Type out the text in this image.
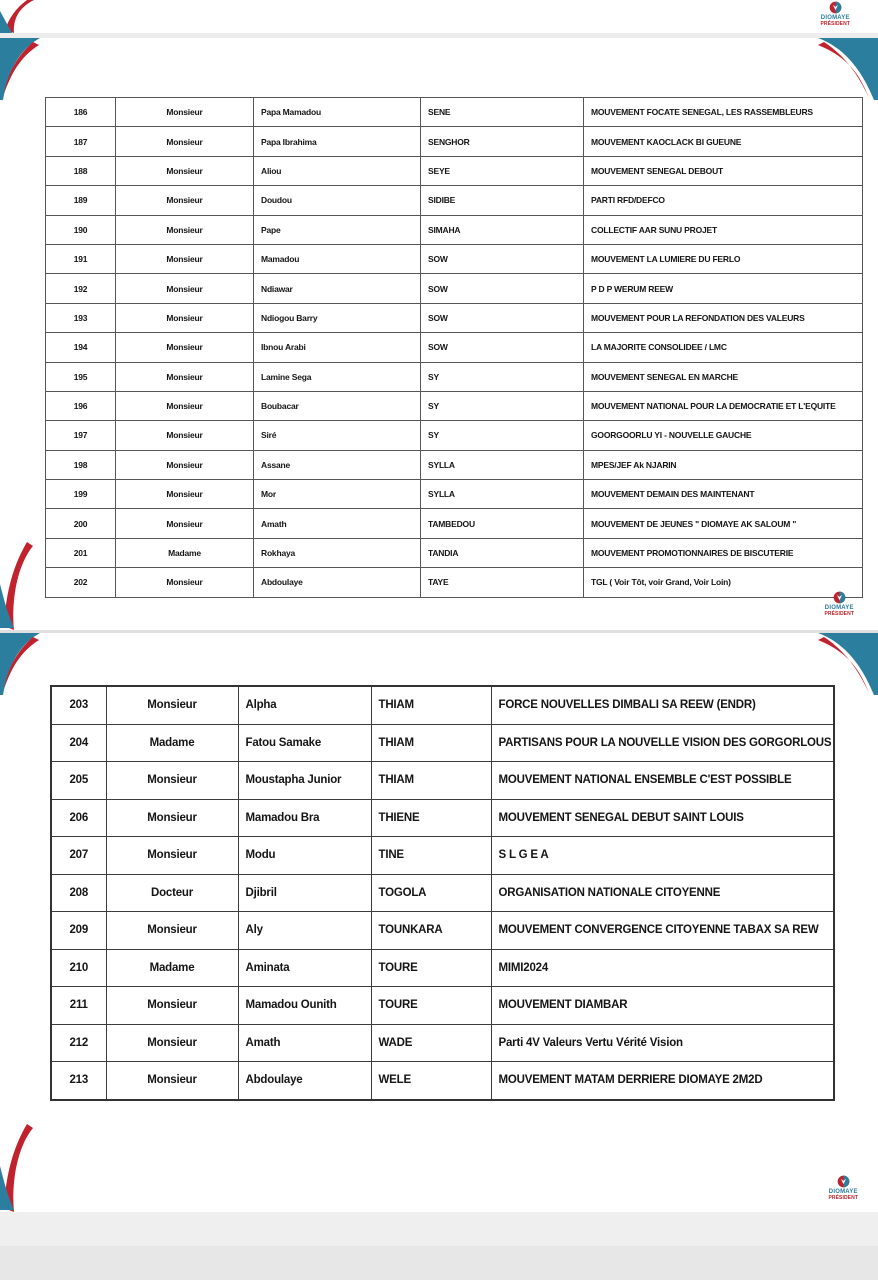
DIOMAYE
PRÉSIDENT
186	Monsieur	Papa Mamadou	SENE	MOUVEMENT FOCATE SENEGAL, LES RASSEMBLEURS
187	Monsieur	Papa Ibrahima	SENGHOR	MOUVEMENT KAOCLACK BI GUEUNE
188	Monsieur	Aliou	SEYE	MOUVEMENT SENEGAL DEBOUT
189	Monsieur	Doudou	SIDIBE	PARTI RFD/DEFCO
190	Monsieur	Pape	SIMAHA	COLLECTIF AAR SUNU PROJET
191	Monsieur	Mamadou	SOW	MOUVEMENT LA LUMIERE DU FERLO
192	Monsieur	Ndiawar	SOW	P D P WERUM REEW
193	Monsieur	Ndiogou Barry	SOW	MOUVEMENT POUR LA REFONDATION DES VALEURS
194	Monsieur	Ibnou Arabi	SOW	LA MAJORITE CONSOLIDEE / LMC
195	Monsieur	Lamine Sega	SY	MOUVEMENT SENEGAL EN MARCHE
196	Monsieur	Boubacar	SY	MOUVEMENT NATIONAL POUR LA DEMOCRATIE ET L'EQUITE
197	Monsieur	Siré	SY	GOORGOORLU YI - NOUVELLE GAUCHE
198	Monsieur	Assane	SYLLA	MPES/JEF Ak NJARIN
199	Monsieur	Mor	SYLLA	MOUVEMENT DEMAIN DES MAINTENANT
200	Monsieur	Amath	TAMBEDOU	MOUVEMENT DE JEUNES " DIOMAYE AK SALOUM "
201	Madame	Rokhaya	TANDIA	MOUVEMENT PROMOTIONNAIRES DE BISCUTERIE
202	Monsieur	Abdoulaye	TAYE	TGL ( Voir Tôt, voir Grand, Voir Loin)
DIOMAYE
PRÉSIDENT
203	Monsieur	Alpha	THIAM	FORCE NOUVELLES DIMBALI SA REEW (ENDR)
204	Madame	Fatou Samake	THIAM	PARTISANS POUR LA NOUVELLE VISION DES GORGORLOUS
205	Monsieur	Moustapha Junior	THIAM	MOUVEMENT NATIONAL ENSEMBLE C'EST POSSIBLE
206	Monsieur	Mamadou Bra	THIENE	MOUVEMENT SENEGAL DEBUT SAINT LOUIS
207	Monsieur	Modu	TINE	S L G E A
208	Docteur	Djibril	TOGOLA	ORGANISATION NATIONALE CITOYENNE
209	Monsieur	Aly	TOUNKARA	MOUVEMENT CONVERGENCE CITOYENNE TABAX SA REW
210	Madame	Aminata	TOURE	MIMI2024
211	Monsieur	Mamadou Ounith	TOURE	MOUVEMENT DIAMBAR
212	Monsieur	Amath	WADE	Parti 4V Valeurs Vertu Vérité Vision
213	Monsieur	Abdoulaye	WELE	MOUVEMENT MATAM DERRIERE DIOMAYE 2M2D
DIOMAYE
PRÉSIDENT
